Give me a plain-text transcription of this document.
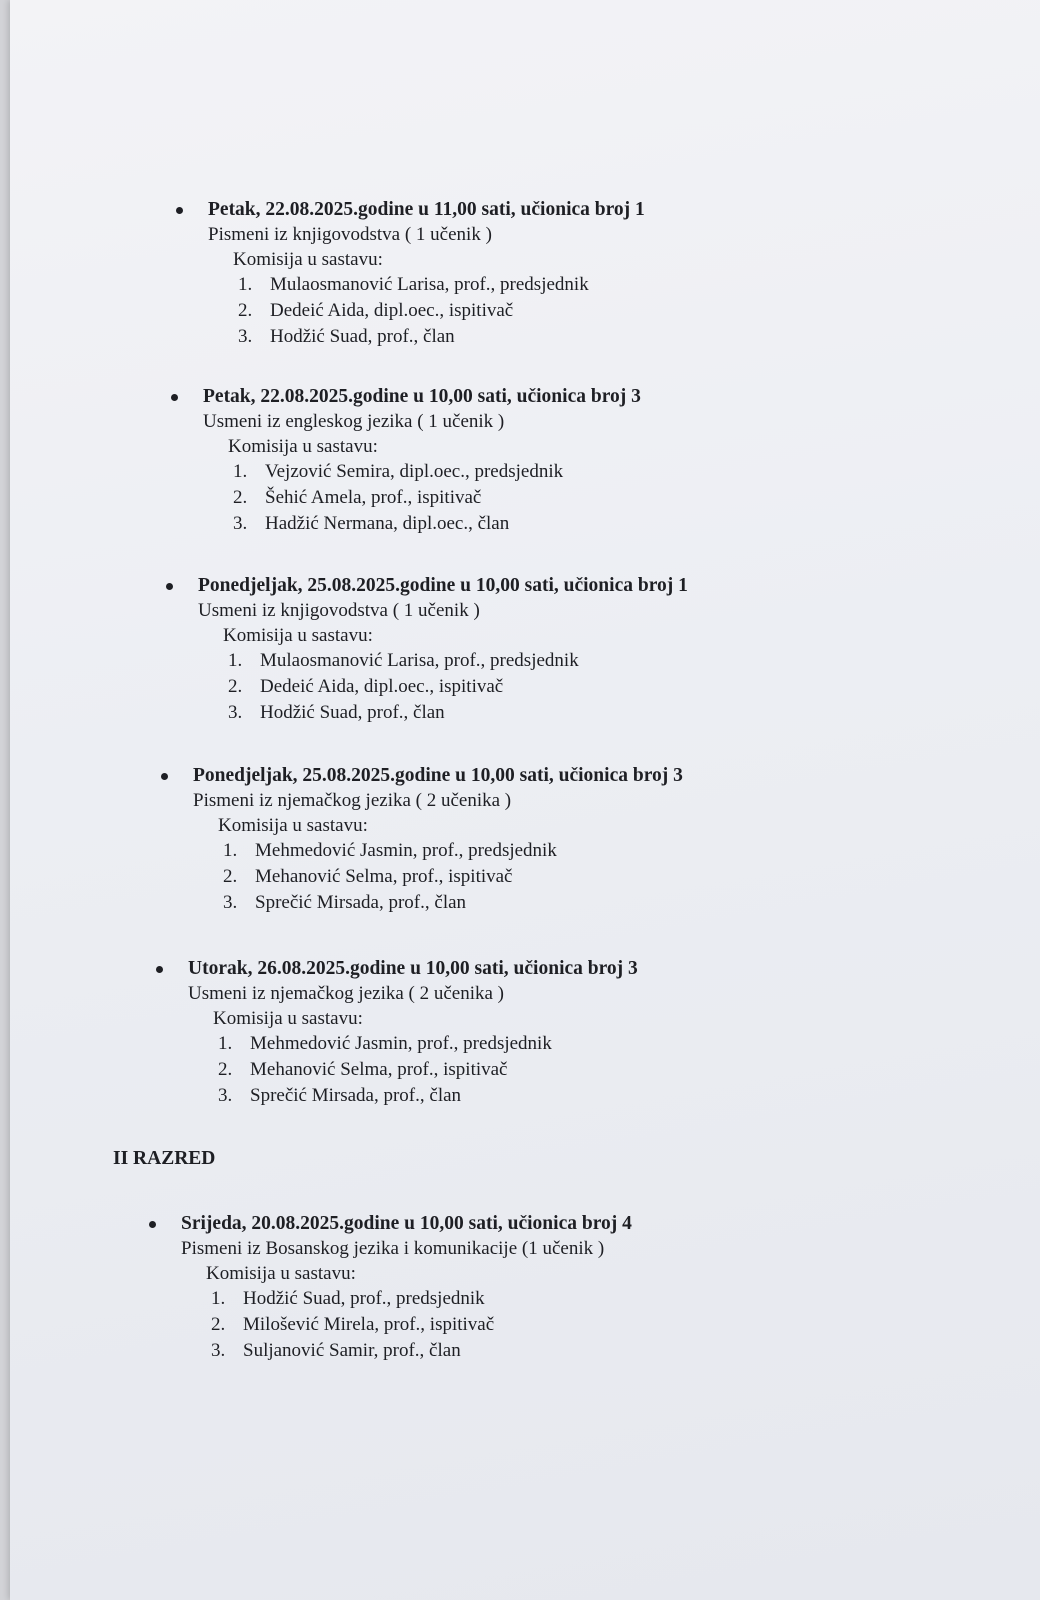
Petak, 22.08.2025.godine u 11,00 sati, učionica broj 1
Pismeni iz knjigovodstva ( 1 učenik )
Komisija u sastavu:
1. Mulaosmanović Larisa, prof., predsjednik
2. Dedeić Aida, dipl.oec., ispitivač
3. Hodžić Suad, prof., član
Petak, 22.08.2025.godine u 10,00 sati, učionica broj 3
Usmeni iz engleskog jezika ( 1 učenik )
Komisija u sastavu:
1. Vejzović Semira, dipl.oec., predsjednik
2. Šehić Amela, prof., ispitivač
3. Hadžić Nermana, dipl.oec., član
Ponedjeljak, 25.08.2025.godine u 10,00 sati, učionica broj 1
Usmeni iz knjigovodstva ( 1 učenik )
Komisija u sastavu:
1. Mulaosmanović Larisa, prof., predsjednik
2. Dedeić Aida, dipl.oec., ispitivač
3. Hodžić Suad, prof., član
Ponedjeljak, 25.08.2025.godine u 10,00 sati, učionica broj 3
Pismeni iz njemačkog jezika ( 2 učenika )
Komisija u sastavu:
1. Mehmedović Jasmin, prof., predsjednik
2. Mehanović Selma, prof., ispitivač
3. Sprečić Mirsada, prof., član
Utorak, 26.08.2025.godine u 10,00 sati, učionica broj 3
Usmeni iz njemačkog jezika ( 2 učenika )
Komisija u sastavu:
1. Mehmedović Jasmin, prof., predsjednik
2. Mehanović Selma, prof., ispitivač
3. Sprečić Mirsada, prof., član
II RAZRED
Srijeda, 20.08.2025.godine u 10,00 sati, učionica broj 4
Pismeni iz Bosanskog jezika i komunikacije (1 učenik )
Komisija u sastavu:
1. Hodžić Suad, prof., predsjednik
2. Milošević Mirela, prof., ispitivač
3. Suljanović Samir, prof., član
